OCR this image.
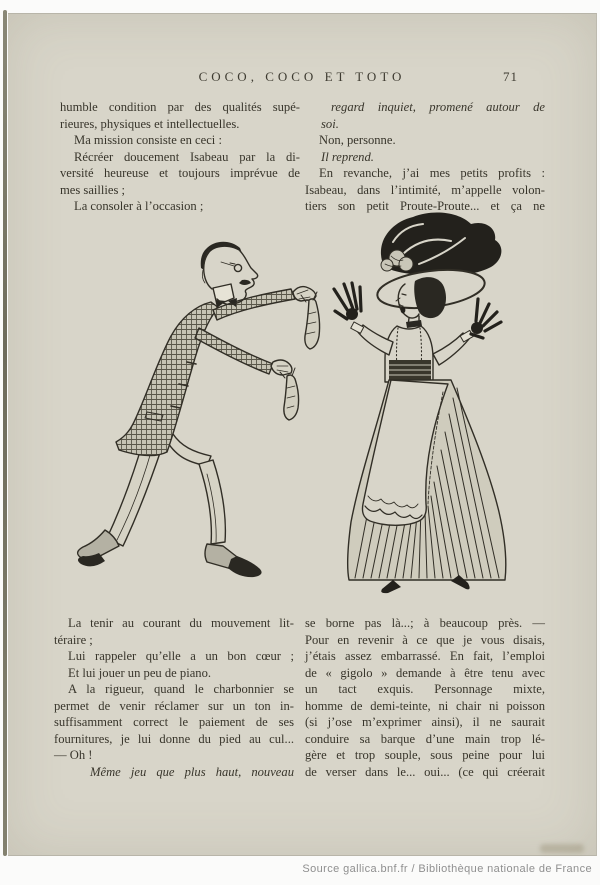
COCO, COCO ET TOTO	71
humble condition par des qualités supé-
rieures, physiques et intellectuelles.
Ma mission consiste en ceci :
Récréer doucement Isabeau par la di-
versité heureuse et toujours imprévue de
mes saillies ;
La consoler à l’occasion ;
regard inquiet, promené autour de
soi.
Non, personne.
Il reprend.
En revanche, j’ai mes petits profits :
Isabeau, dans l’intimité, m’appelle volon-
tiers son petit Proute-Proute... et ça ne
La tenir au courant du mouvement lit-
téraire ;
Lui rappeler qu’elle a un bon cœur ;
Et lui jouer un peu de piano.
A la rigueur, quand le charbonnier se
permet de venir réclamer sur un ton in-
suffisamment correct le paiement de ses
fournitures, je lui donne du pied au cul...
— Oh !
Même jeu que plus haut, nouveau
se borne pas là...; à beaucoup près. —
Pour en revenir à ce que je vous disais,
j’étais assez embarrassé. En fait, l’emploi
de « gigolo » demande à être tenu avec
un tact exquis. Personnage mixte,
homme de demi-teinte, ni chair ni poisson
(si j’ose m’exprimer ainsi), il ne saurait
conduire sa barque d’une main trop lé-
gère et trop souple, sous peine pour lui
de verser dans le... oui... (ce qui créerait
Source gallica.bnf.fr / Bibliothèque nationale de France
